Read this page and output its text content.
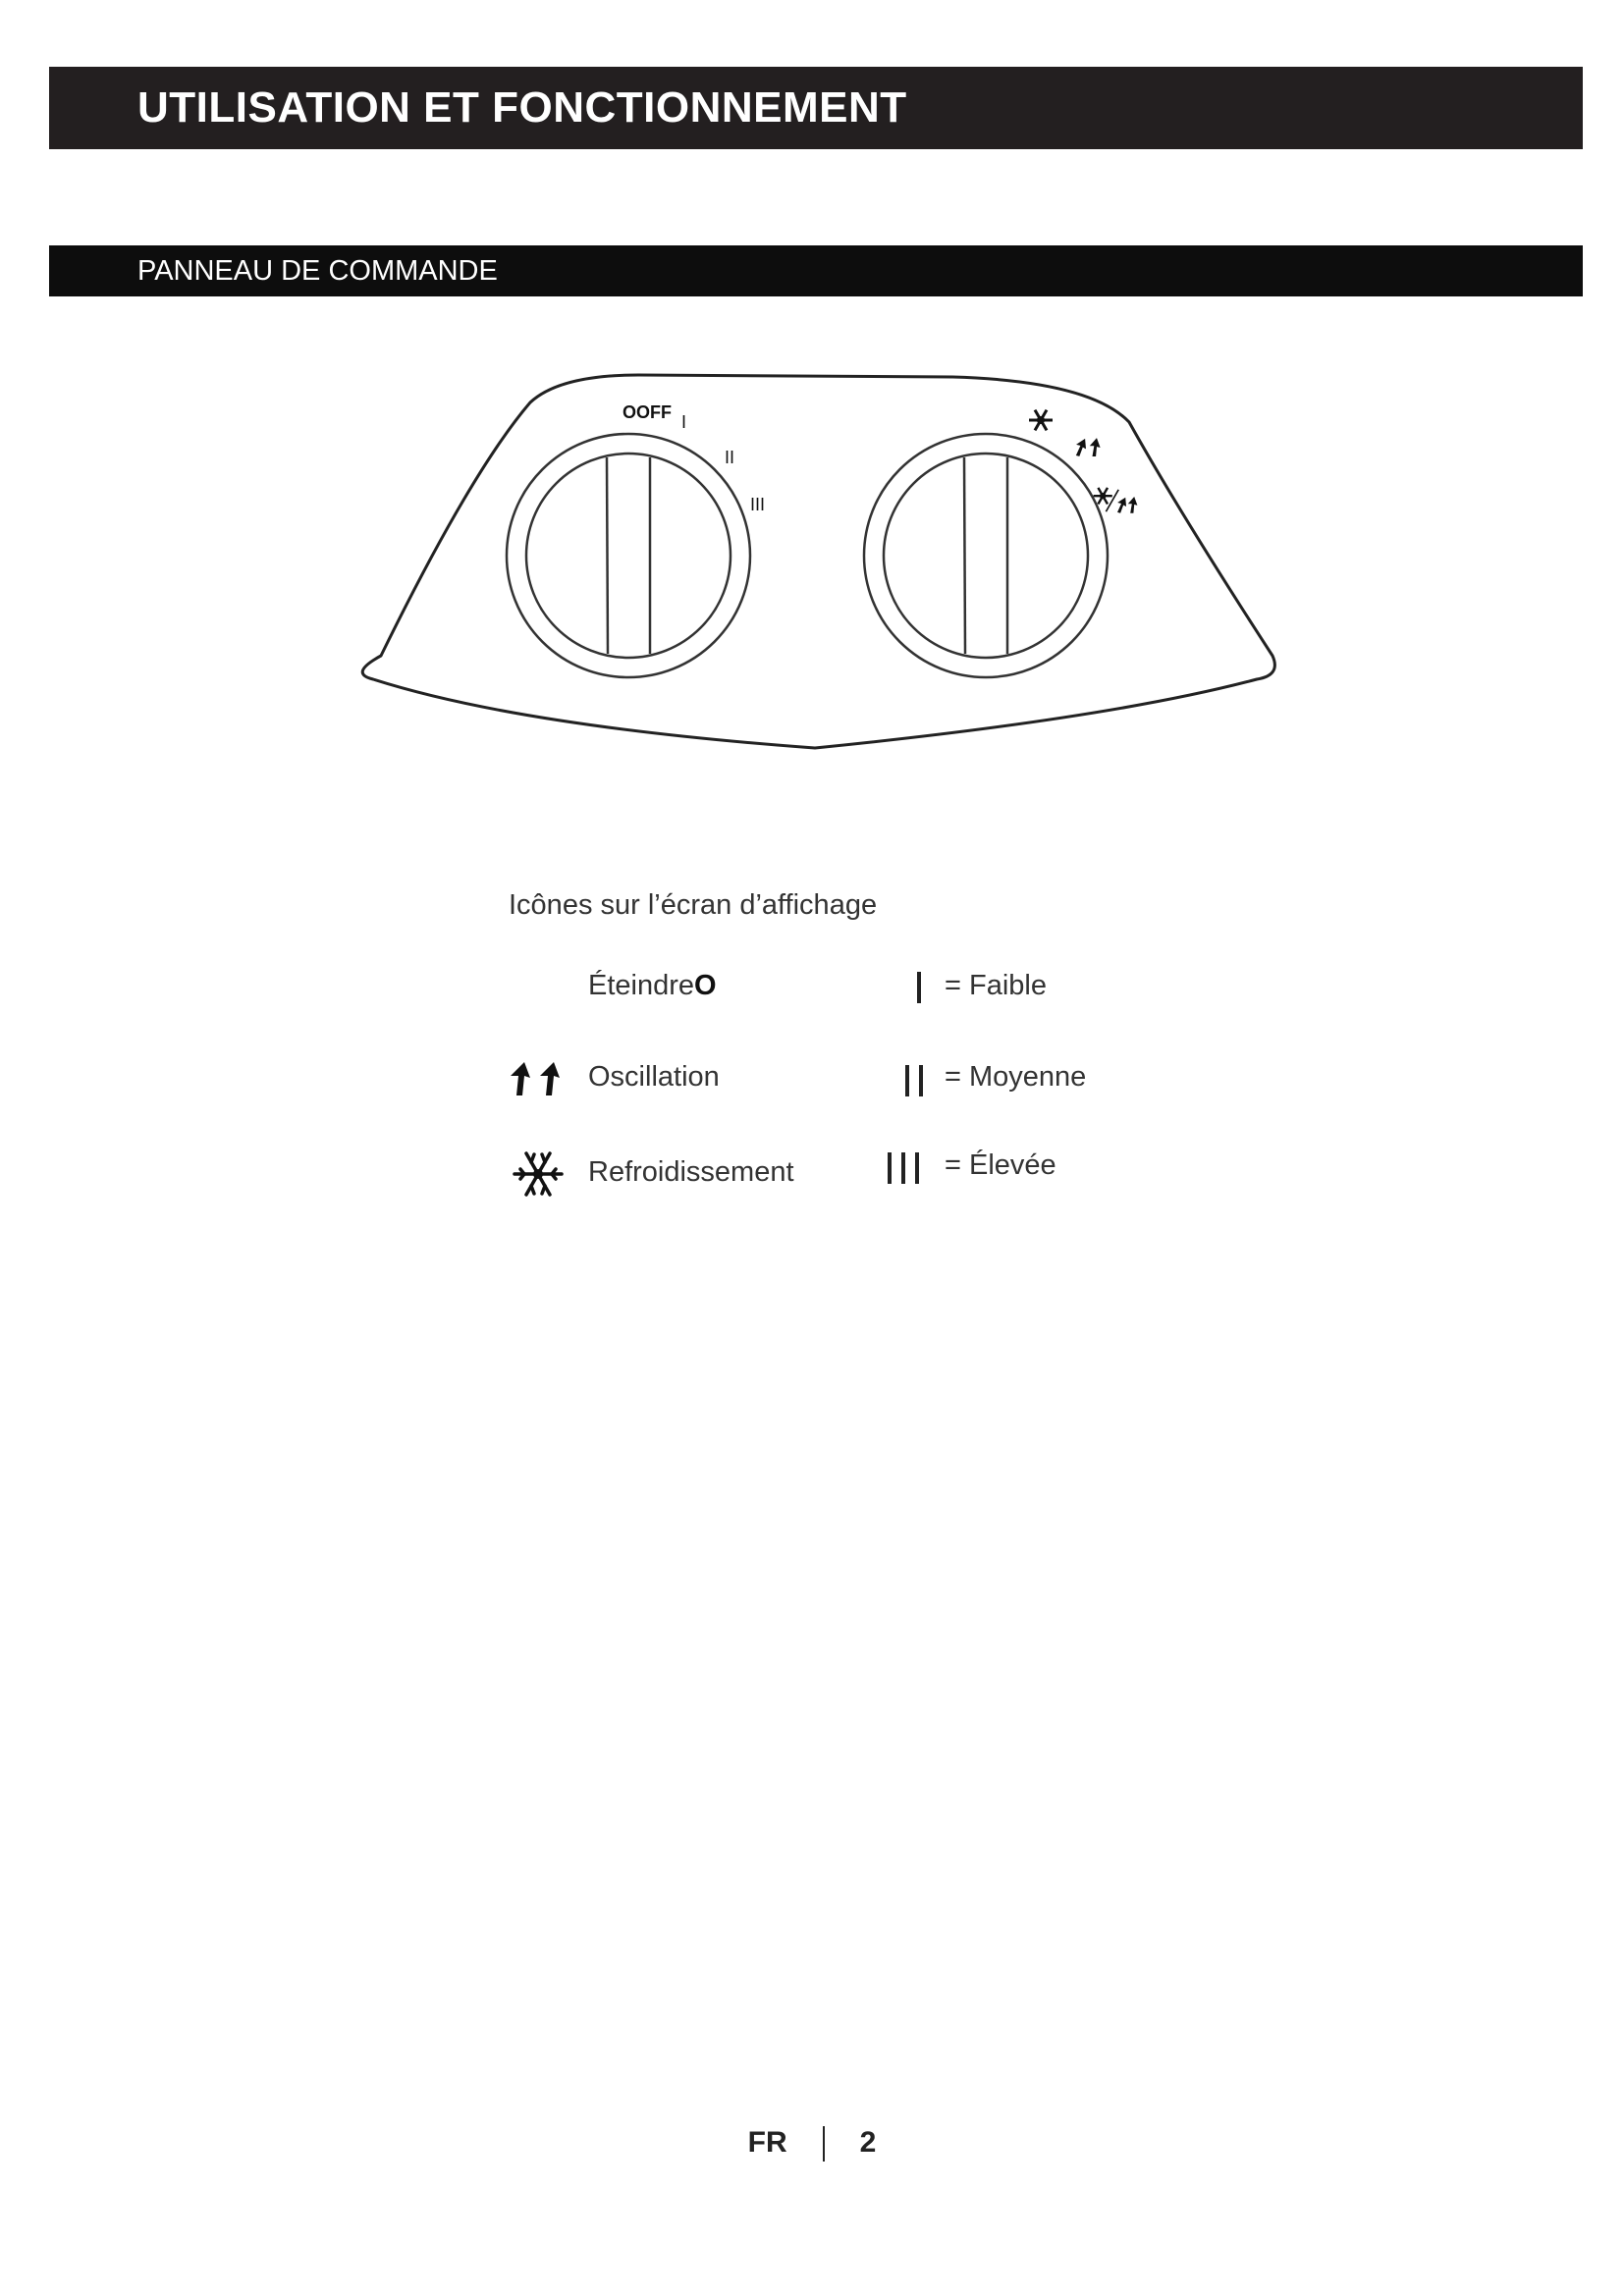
UTILISATION ET FONCTIONNEMENT
PANNEAU DE COMMANDE
OOFF I
II
III
Icônes sur l’écran d’affichage
ÉteindreO
Oscillation
Refroidissement
= Faible
= Moyenne
= Élevée
FR 2
